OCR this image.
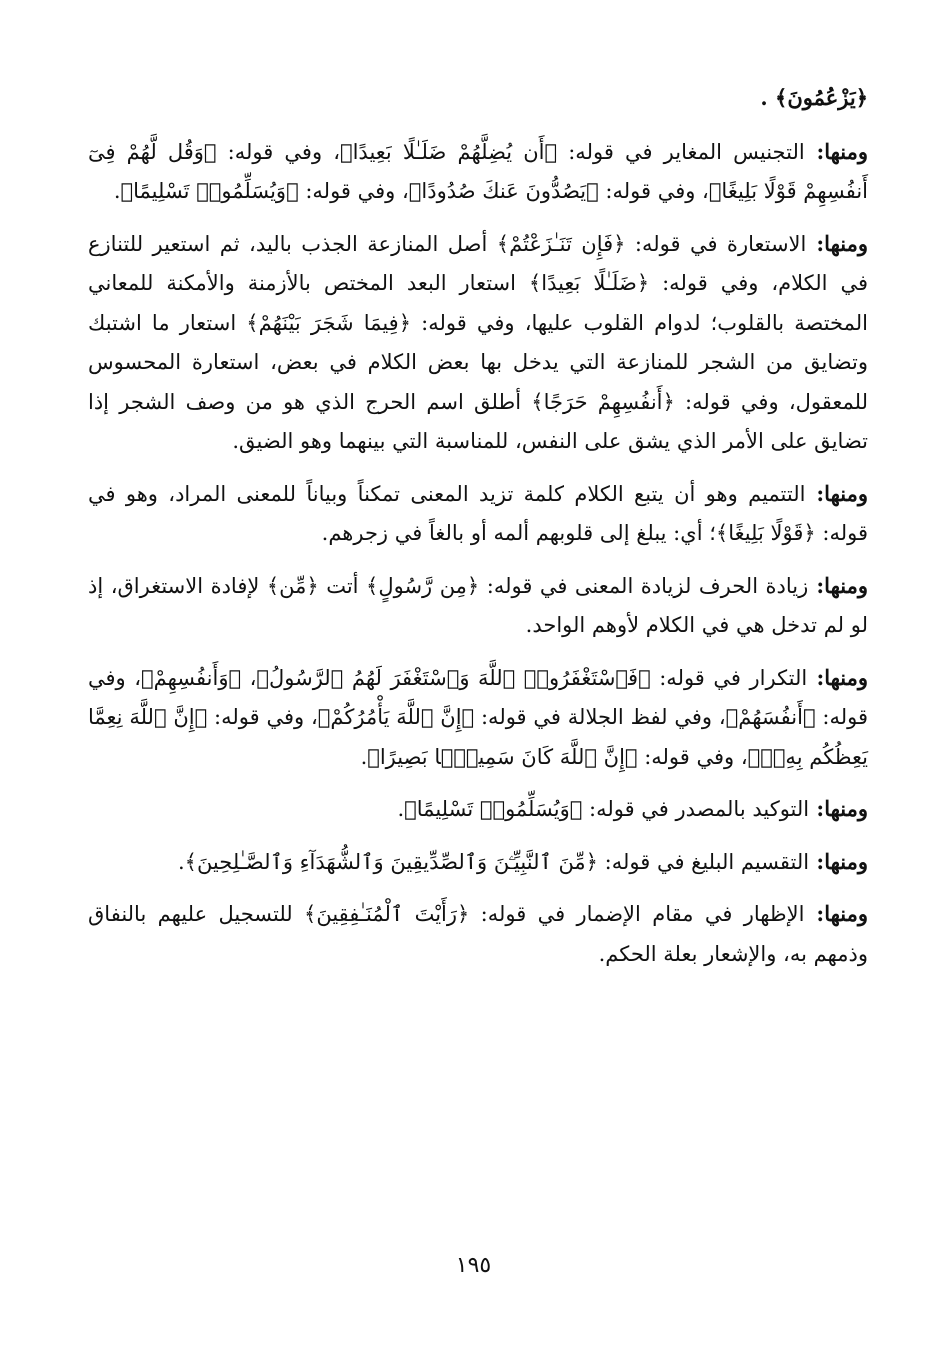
﴿يَزْعُمُونَ﴾ .

ومنها: التجنيس المغاير في قوله: ﴿أَن يُضِلَّهُمْ ضَلَـٰلًا بَعِيدًا﴾، وفي قوله: ﴿وَقُل لَّهُمْ فِىٓ أَنفُسِهِمْ قَوْلًا بَلِيغًا﴾، وفي قوله: ﴿يَصُدُّونَ عَنكَ صُدُودًا﴾، وفي قوله: ﴿وَيُسَلِّمُوا۟ تَسْلِيمًا﴾.

ومنها: الاستعارة في قوله: ﴿فَإِن تَنَـٰزَعْتُمْ﴾ أصل المنازعة الجذب باليد، ثم استعير للتنازع في الكلام، وفي قوله: ﴿ضَلَـٰلًا بَعِيدًا﴾ استعار البعد المختص بالأزمنة والأمكنة للمعاني المختصة بالقلوب؛ لدوام القلوب عليها، وفي قوله: ﴿فِيمَا شَجَرَ بَيْنَهُمْ﴾ استعار ما اشتبك وتضايق من الشجر للمنازعة التي يدخل بها بعض الكلام في بعض، استعارة المحسوس للمعقول، وفي قوله: ﴿أَنفُسِهِمْ حَرَجًا﴾ أطلق اسم الحرج الذي هو من وصف الشجر إذا تضايق على الأمر الذي يشق على النفس، للمناسبة التي بينهما وهو الضيق.

ومنها: التتميم وهو أن يتبع الكلام كلمة تزيد المعنى تمكناً وبياناً للمعنى المراد، وهو في قوله: ﴿قَوْلًا بَلِيغًا﴾؛ أي: يبلغ إلى قلوبهم ألمه أو بالغاً في زجرهم.

ومنها: زيادة الحرف لزيادة المعنى في قوله: ﴿مِن رَّسُولٍ﴾ أتت ﴿مِّن﴾ لإفادة الاستغراق، إذ لو لم تدخل هي في الكلام لأوهم الواحد.

ومنها: التكرار في قوله: ﴿فَٱسْتَغْفَرُوا۟ ٱللَّهَ وَٱسْتَغْفَرَ لَهُمُ ٱلرَّسُولُ﴾، ﴿وَأَنفُسِهِمْ﴾، وفي قوله: ﴿أَنفُسَهُمْ﴾، وفي لفظ الجلالة في قوله: ﴿إِنَّ ٱللَّهَ يَأْمُرُكُمْ﴾، وفي قوله: ﴿إِنَّ ٱللَّهَ نِعِمَّا يَعِظُكُم بِهِۦٓ﴾، وفي قوله: ﴿إِنَّ ٱللَّهَ كَانَ سَمِيعًۢا بَصِيرًا﴾.

ومنها: التوكيد بالمصدر في قوله: ﴿وَيُسَلِّمُوا۟ تَسْلِيمًا﴾.

ومنها: التقسيم البليغ في قوله: ﴿مِّنَ ٱلنَّبِيِّـۧنَ وَٱلصِّدِّيقِينَ وَٱلشُّهَدَآءِ وَٱلصَّـٰلِحِينَ﴾.

ومنها: الإظهار في مقام الإضمار في قوله: ﴿رَأَيْتَ ٱلْمُنَـٰفِقِينَ﴾ للتسجيل عليهم بالنفاق وذمهم به، والإشعار بعلة الحكم.

١٩٥
